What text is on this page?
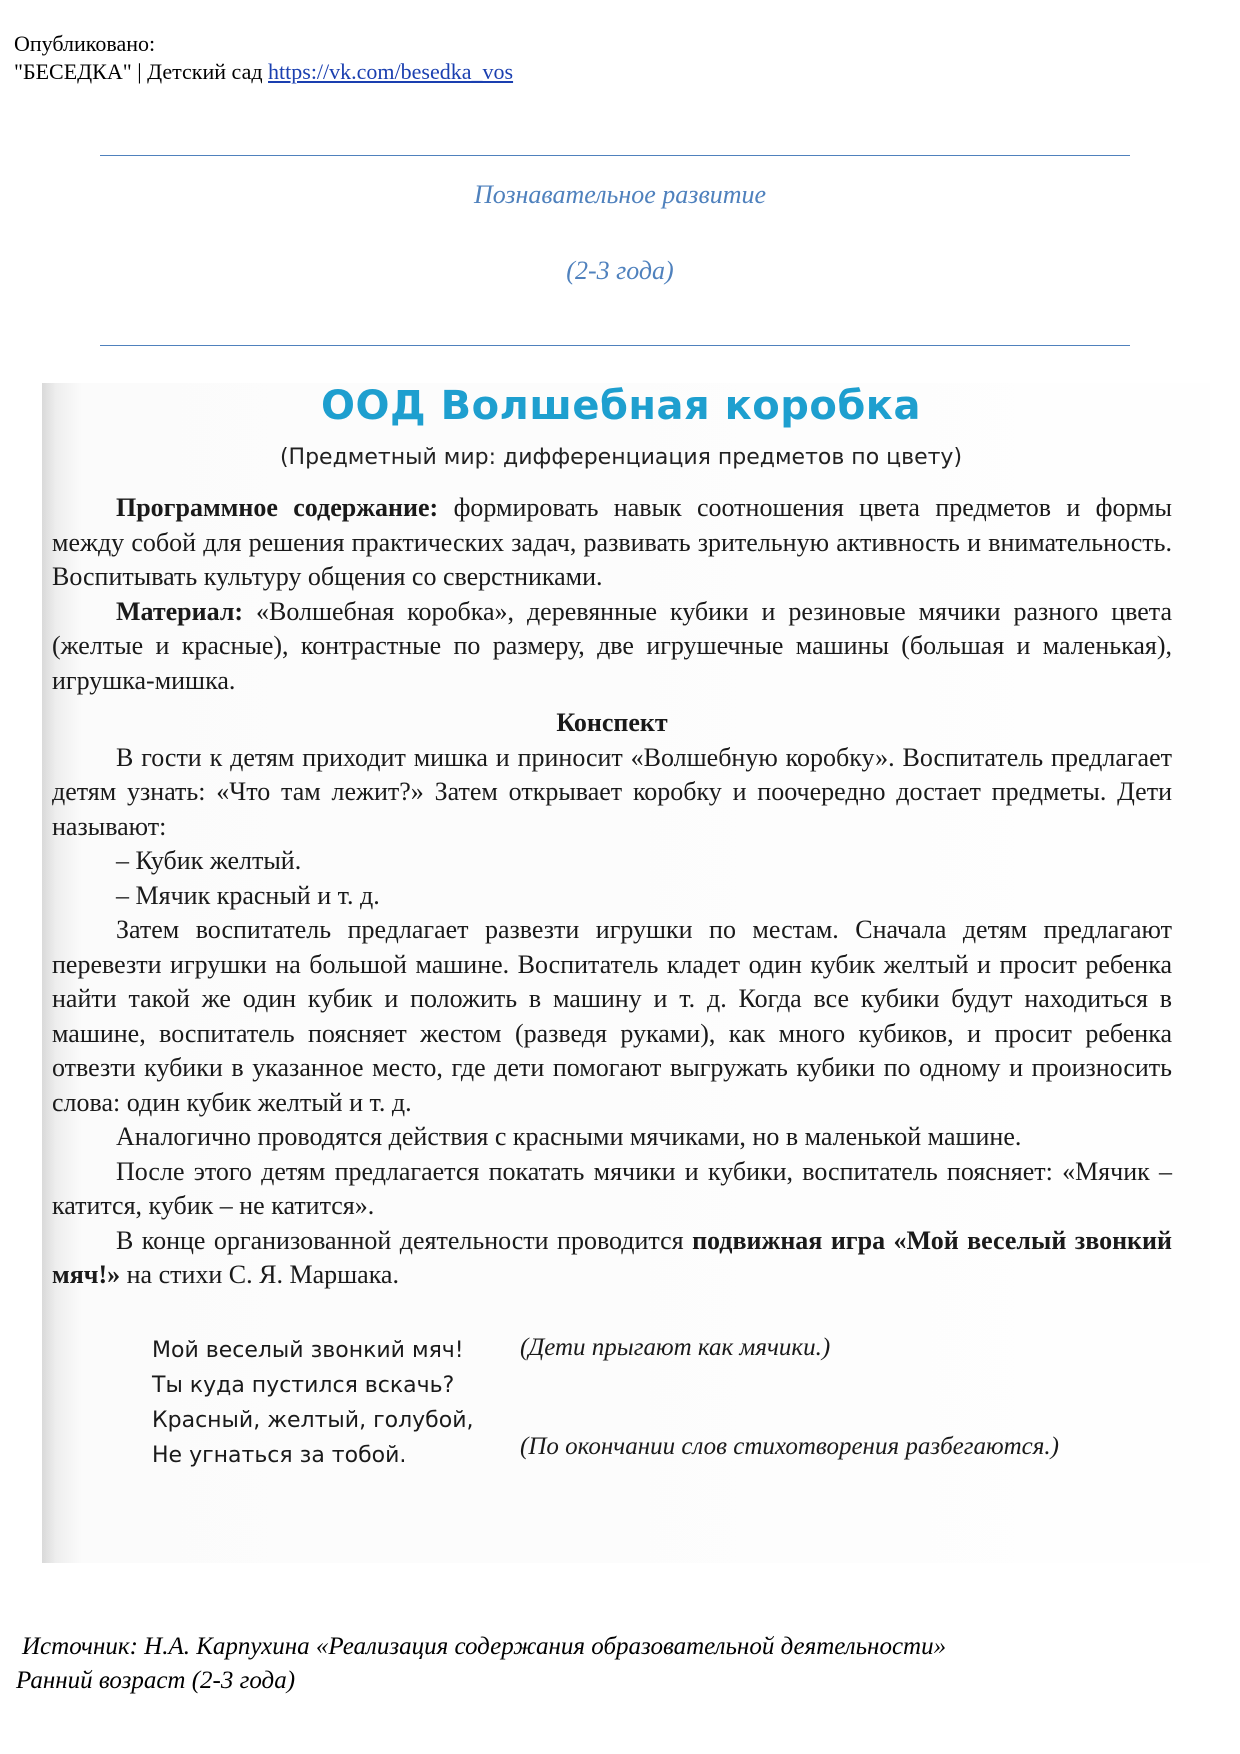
Опубликовано:
"БЕСЕДКА" | Детский сад https://vk.com/besedka_vos
Познавательное развитие
(2-3 года)
ООД Волшебная коробка
(Предметный мир: дифференциация предметов по цвету)

Программное содержание: формировать навык соотношения цвета предметов и формы между собой для решения практических задач, развивать зрительную активность и внимательность. Воспитывать культуру общения со сверстниками.

Материал: «Волшебная коробка», деревянные кубики и резиновые мячики разного цвета (желтые и красные), контрастные по размеру, две игрушечные машины (большая и маленькая), игрушка-мишка.

Конспект

В гости к детям приходит мишка и приносит «Волшебную коробку». Воспитатель предлагает детям узнать: «Что там лежит?» Затем открывает коробку и поочередно достает предметы. Дети называют:

– Кубик желтый.

– Мячик красный и т. д.

Затем воспитатель предлагает развезти игрушки по местам. Сначала детям предлагают перевезти игрушки на большой машине. Воспитатель кладет один кубик желтый и просит ребенка найти такой же один кубик и положить в машину и т. д. Когда все кубики будут находиться в машине, воспитатель поясняет жестом (разведя руками), как много кубиков, и просит ребенка отвезти кубики в указанное место, где дети помогают выгружать кубики по одному и произносить слова: один кубик желтый и т. д.

Аналогично проводятся действия с красными мячиками, но в маленькой машине.

После этого детям предлагается покатать мячики и кубики, воспитатель поясняет: «Мячик – катится, кубик – не катится».

В конце организованной деятельности проводится подвижная игра «Мой веселый звонкий мяч!» на стихи С. Я. Маршака.

Мой веселый звонкий мяч!
Ты куда пустился вскачь?
Красный, желтый, голубой,
Не угнаться за тобой.
(Дети прыгают как мячики.)
(По окончании слов стихотворения разбегаются.)
Источник: Н.А. Карпухина «Реализация содержания образовательной деятельности»
Ранний возраст (2-3 года)
